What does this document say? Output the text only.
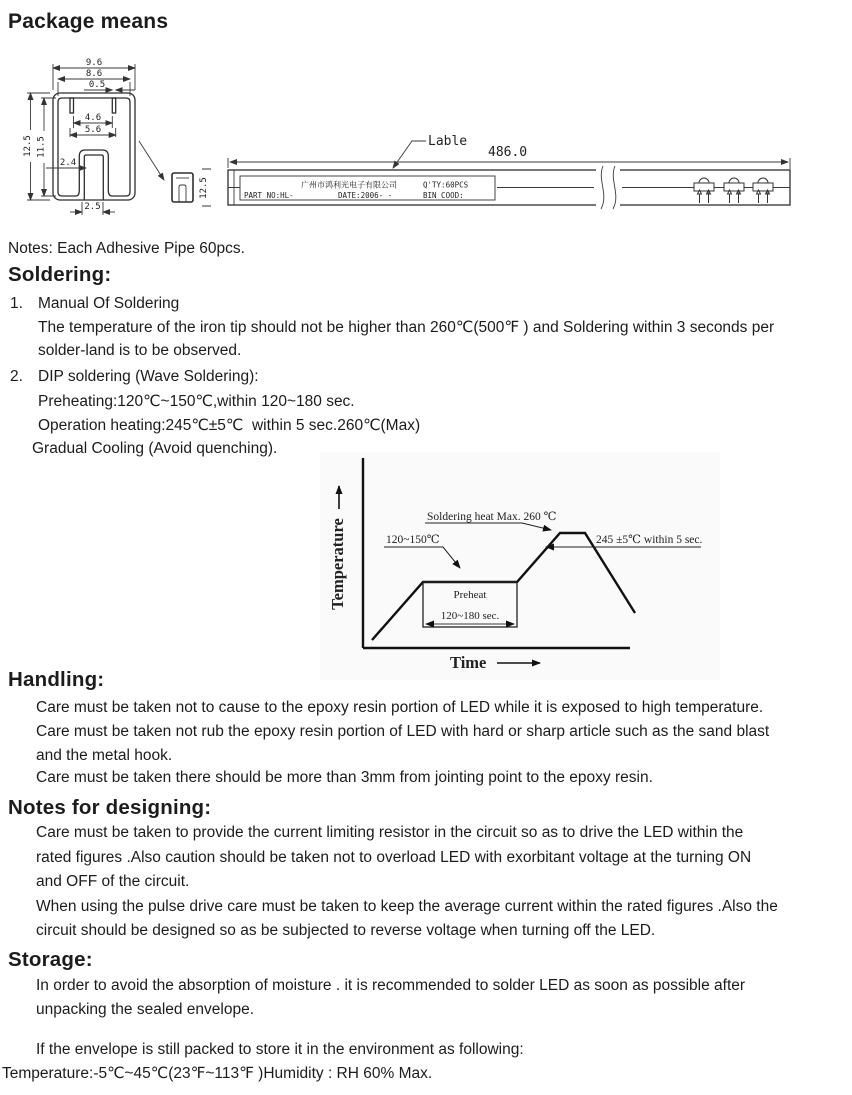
Package means
9.6
8.6
0.5
4.6
5.6
12.5 11.5
2.4
2.5
12.5
486.0
广州市鸿利光电子有限公司	Q'TY:60PCS
PART NO:HL-	DATE:2006- -	BIN COOD:
Lable
Notes: Each Adhesive Pipe 60pcs.
Soldering:
1. Manual Of Soldering
The temperature of the iron tip should not be higher than 260℃(500℉ ) and Soldering within 3 seconds per
solder-land is to be observed.
2. DIP soldering (Wave Soldering):
Preheating:120℃~150℃,within 120~180 sec.
Operation heating:245℃±5℃  within 5 sec.260℃(Max)
Gradual Cooling (Avoid quenching).
Temperature
Time
Preheat
120~180 sec.
120~150℃
Soldering heat Max. 260 ℃
245 ±5℃ within 5 sec.
Handling:
Care must be taken not to cause to the epoxy resin portion of LED while it is exposed to high temperature.
Care must be taken not rub the epoxy resin portion of LED with hard or sharp article such as the sand blast
and the metal hook.
Care must be taken there should be more than 3mm from jointing point to the epoxy resin.
Notes for designing:
Care must be taken to provide the current limiting resistor in the circuit so as to drive the LED within the
rated figures .Also caution should be taken not to overload LED with exorbitant voltage at the turning ON
and OFF of the circuit.
When using the pulse drive care must be taken to keep the average current within the rated figures .Also the
circuit should be designed so as be subjected to reverse voltage when turning off the LED.
Storage:
In order to avoid the absorption of moisture . it is recommended to solder LED as soon as possible after
unpacking the sealed envelope.
If the envelope is still packed to store it in the environment as following:
Temperature:-5℃~45℃(23℉~113℉ )Humidity : RH 60% Max.
